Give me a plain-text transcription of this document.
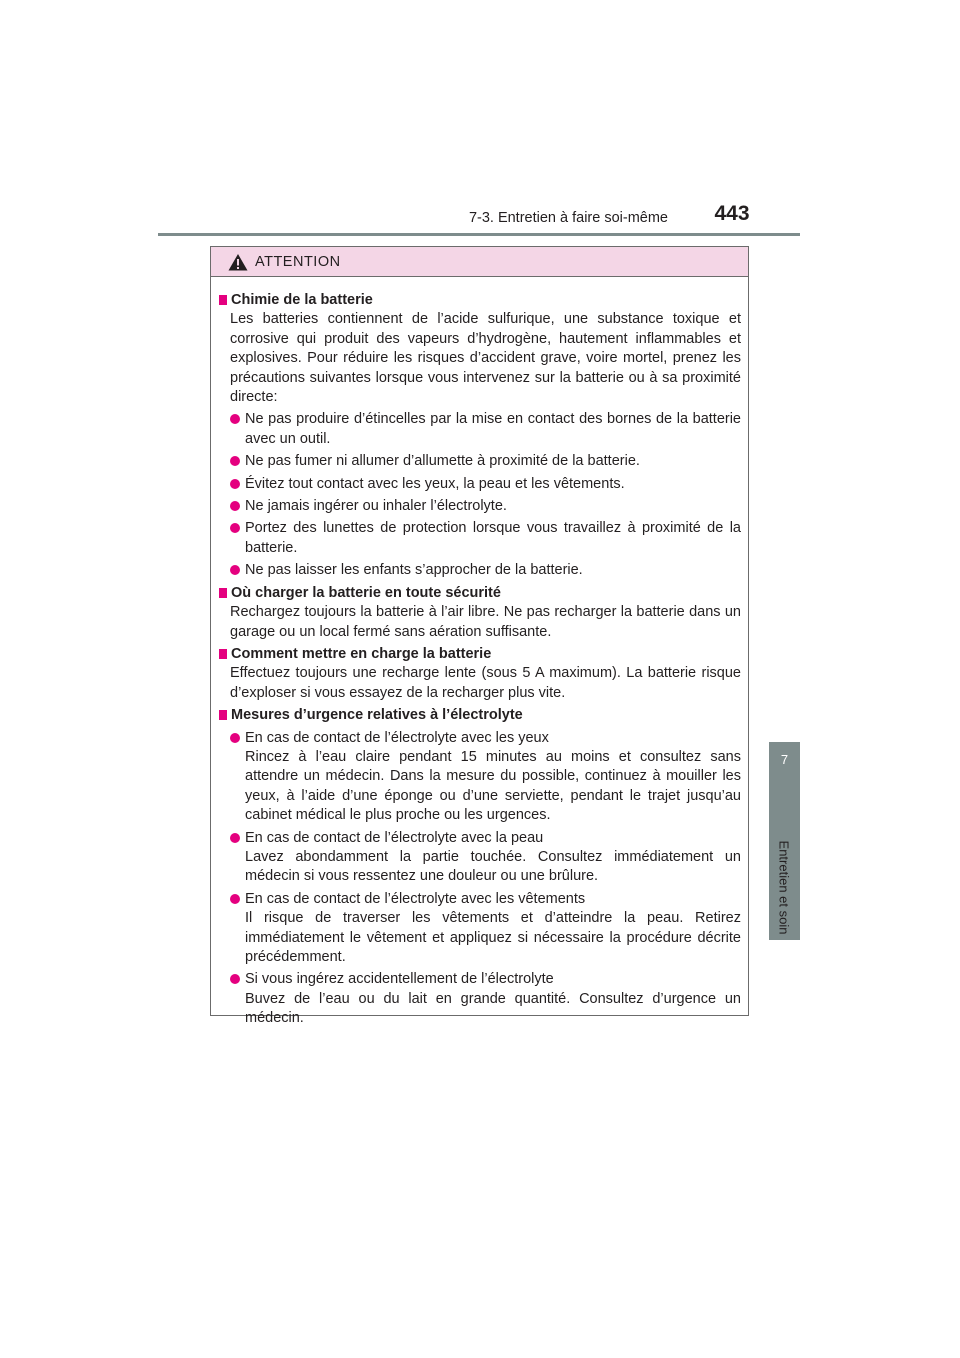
7-3. Entretien à faire soi-même	443
7
Entretien et soin
ATTENTION
Chimie de la batterie
Les batteries contiennent de l’acide sulfurique, une substance toxique et corrosive qui produit des vapeurs d’hydrogène, hautement inflammables et explosives. Pour réduire les risques d’accident grave, voire mortel, prenez les précautions suivantes lorsque vous intervenez sur la batterie ou à sa proximité directe:
Ne pas produire d’étincelles par la mise en contact des bornes de la batterie avec un outil.
Ne pas fumer ni allumer d’allumette à proximité de la batterie.
Évitez tout contact avec les yeux, la peau et les vêtements.
Ne jamais ingérer ou inhaler l’électrolyte.
Portez des lunettes de protection lorsque vous travaillez à proximité de la batterie.
Ne pas laisser les enfants s’approcher de la batterie.
Où charger la batterie en toute sécurité
Rechargez toujours la batterie à l’air libre. Ne pas recharger la batterie dans un garage ou un local fermé sans aération suffisante.
Comment mettre en charge la batterie
Effectuez toujours une recharge lente (sous 5 A maximum). La batterie risque d’exploser si vous essayez de la recharger plus vite.
Mesures d’urgence relatives à l’électrolyte
En cas de contact de l’électrolyte avec les yeux
Rincez à l’eau claire pendant 15 minutes au moins et consultez sans attendre un médecin. Dans la mesure du possible, continuez à mouiller les yeux, à l’aide d’une éponge ou d’une serviette, pendant le trajet jusqu’au cabinet médical le plus proche ou les urgences.
En cas de contact de l’électrolyte avec la peau
Lavez abondamment la partie touchée. Consultez immédiatement un médecin si vous ressentez une douleur ou une brûlure.
En cas de contact de l’électrolyte avec les vêtements
Il risque de traverser les vêtements et d’atteindre la peau. Retirez immédiatement le vêtement et appliquez si nécessaire la procédure décrite précédemment.
Si vous ingérez accidentellement de l’électrolyte
Buvez de l’eau ou du lait en grande quantité. Consultez d’urgence un médecin.
